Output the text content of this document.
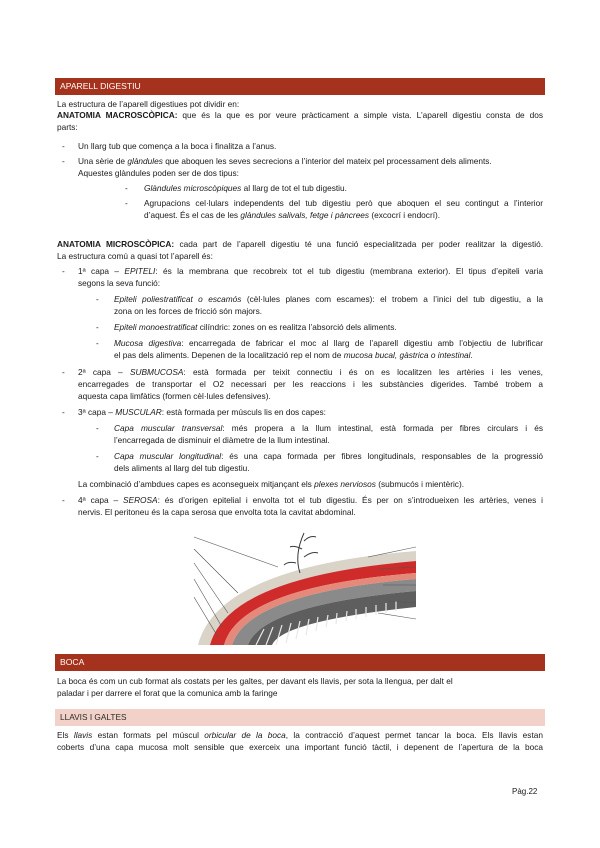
APARELL DIGESTIU
La estructura de l’aparell digestiues pot dividir en:
ANATOMIA MACROSCÒPICA: que és la que es por veure pràcticament a simple vista. L’aparell digestiu consta de dos
parts:
- Un llarg tub que comença a la boca i finalitza a l’anus.
- Una sèrie de glàndules que aboquen les seves secrecions a l’interior del mateix pel processament dels aliments.
Aquestes glàndules poden ser de dos tipus:
- Glàndules microscòpiques al llarg de tot el tub digestiu.
- Agrupacions cel·lulars independents del tub digestiu però que aboquen el seu contingut a l’interior
d’aquest. És el cas de les glàndules salivals, fetge i pàncrees (excocrí i endocrí).
ANATOMIA MICROSCÒPICA: cada part de l’aparell digestiu té una funció especialitzada per poder realitzar la digestió.
La estructura comú a quasi tot l’aparell és:
- 1ª capa – EPITELI: és la membrana que recobreix tot el tub digestiu (membrana exterior). El tipus d’epiteli varia
segons la seva funció:
- Epiteli poliestratificat o escamós (cèl·lules planes com escames): el trobem a l’inici del tub digestiu, a la
zona on les forces de fricció són majors.
- Epiteli monoestratificat cilíndric: zones on es realitza l’absorció dels aliments.
- Mucosa digestiva: encarregada de fabricar el moc al llarg de l’aparell digestiu amb l’objectiu de lubrificar
el pas dels aliments. Depenen de la localització rep el nom de mucosa bucal, gàstrica o intestinal.
- 2ª capa – SUBMUCOSA: està formada per teixit connectiu i és on es localitzen les artèries i les venes,
encarregades de transportar el O2 necessari per les reaccions i les substàncies digerides. També trobem a
aquesta capa limfàtics (formen cèl·lules defensives).
- 3ª capa – MUSCULAR: està formada per músculs lis en dos capes:
- Capa muscular transversal: més propera a la llum intestinal, està formada per fibres circulars i és
l’encarregada de disminuir el diàmetre de la llum intestinal.
- Capa muscular longitudinal: és una capa formada per fibres longitudinals, responsables de la progressió
dels aliments al llarg del tub digestiu.
La combinació d’ambdues capes es aconsegueix mitjançant els plexes nerviosos (submucós i mientèric).
- 4ª capa – SEROSA: és d’origen epitelial i envolta tot el tub digestiu. És per on s’introdueixen les artèries, venes i
nervis. El peritoneu és la capa serosa que envolta tota la cavitat abdominal.
BOCA
La boca és com un cub format als costats per les galtes, per davant els llavis, per sota la llengua, per dalt el
paladar i per darrere el forat que la comunica amb la faringe
LLAVIS I GALTES
Els llavis estan formats pel múscul orbicular de la boca, la contracció d’aquest permet tancar la boca. Els llavis estan
coberts d’una capa mucosa molt sensible que exerceix una important funció tàctil, i depenent de l’apertura de la boca
Pàg.22
